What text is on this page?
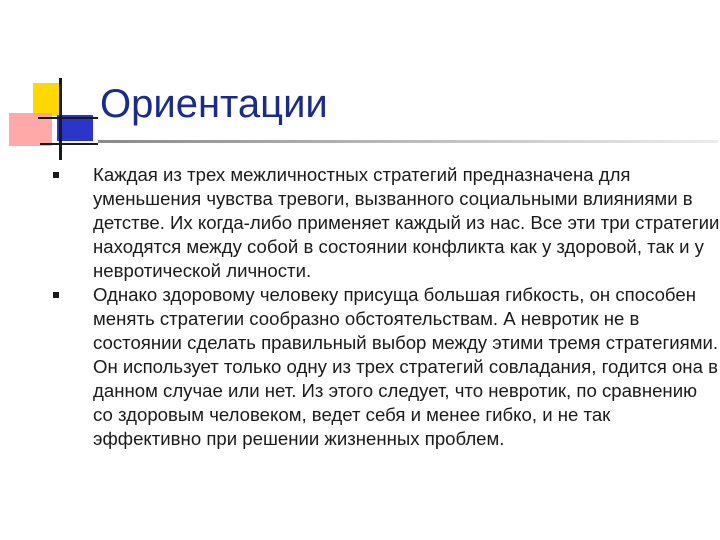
Ориентации
Каждая из трех межличностных стратегий предназначена для уменьшения чувства тревоги, вызванного социальными влияниями в детстве. Их когда-либо применяет каждый из нас. Все эти три стратегии находятся между собой в состоянии конфликта как у здоровой, так и у невротической личности.
Однако здоровому человеку присуща большая гибкость, он способен менять стратегии сообразно обстоятельствам. А невротик не в состоянии сделать правильный выбор между этими тремя стратегиями. Он использует только одну из трех стратегий совладания, годится она в данном случае или нет. Из этого следует, что невротик, по сравнению со здоровым человеком, ведет себя и менее гибко, и не так эффективно при решении жизненных проблем.
